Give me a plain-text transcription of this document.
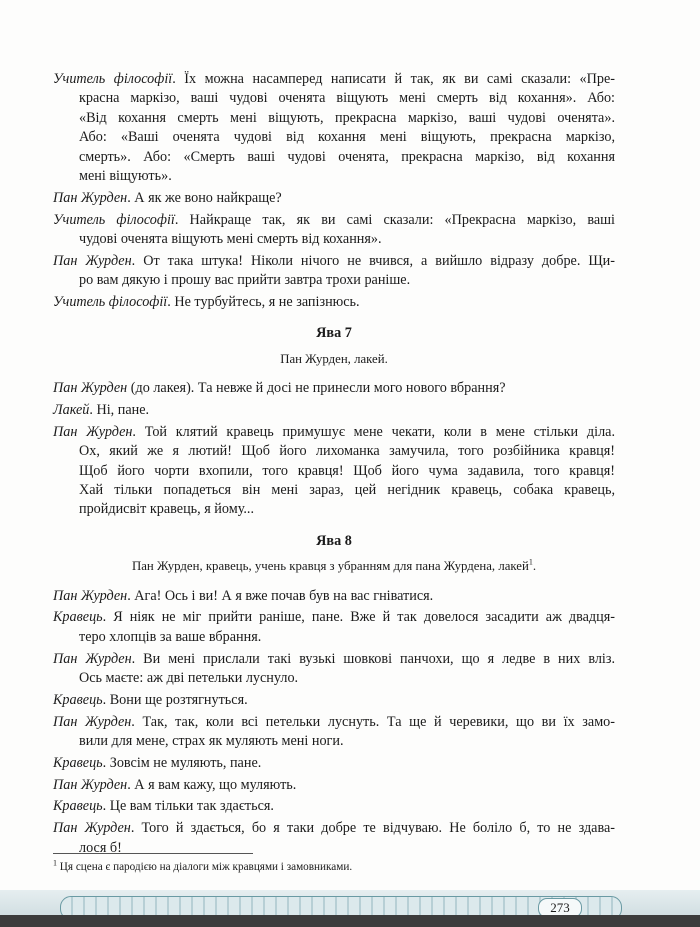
Учитель філософії. Їх можна насамперед написати й так, як ви самі сказали: «Пре-
красна маркізо, ваші чудові оченята віщують мені смерть від кохання». Або:
«Від кохання смерть мені віщують, прекрасна маркізо, ваші чудові оченята».
Або: «Ваші оченята чудові від кохання мені віщують, прекрасна маркізо,
смерть». Або: «Смерть ваші чудові оченята, прекрасна маркізо, від кохання
мені віщують».
Пан Журден. А як же воно найкраще?
Учитель філософії. Найкраще так, як ви самі сказали: «Прекрасна маркізо, ваші
чудові оченята віщують мені смерть від кохання».
Пан Журден. От така штука! Ніколи нічого не вчився, а вийшло відразу добре. Щи-
ро вам дякую і прошу вас прийти завтра трохи раніше.
Учитель філософії. Не турбуйтесь, я не запізнюсь.
Ява 7
Пан Журден, лакей.
Пан Журден (до лакея). Та невже й досі не принесли мого нового вбрання?
Лакей. Ні, пане.
Пан Журден. Той клятий кравець примушує мене чекати, коли в мене стільки діла.
Ох, який же я лютий! Щоб його лихоманка замучила, того розбійника кравця!
Щоб його чорти вхопили, того кравця! Щоб його чума задавила, того кравця!
Хай тільки попадеться він мені зараз, цей негідник кравець, собака кравець,
пройдисвіт кравець, я йому...
Ява 8
Пан Журден, кравець, учень кравця з убранням для пана Журдена, лакей$^1$.
Пан Журден. Ага! Ось і ви! А я вже почав був на вас гніватися.
Кравець. Я ніяк не міг прийти раніше, пане. Вже й так довелося засадити аж двадця-
теро хлопців за ваше вбрання.
Пан Журден. Ви мені прислали такі вузькі шовкові панчохи, що я ледве в них вліз.
Ось маєте: аж дві петельки луснуло.
Кравець. Вони ще розтягнуться.
Пан Журден. Так, так, коли всі петельки луснуть. Та ще й черевики, що ви їх замо-
вили для мене, страх як муляють мені ноги.
Кравець. Зовсім не муляють, пане.
Пан Журден. А я вам кажу, що муляють.
Кравець. Це вам тільки так здається.
Пан Журден. Того й здається, бо я таки добре те відчуваю. Не боліло б, то не здава-
лося б!
$^1$ Ця сцена є пародією на діалоги між кравцями і замовниками.
273
